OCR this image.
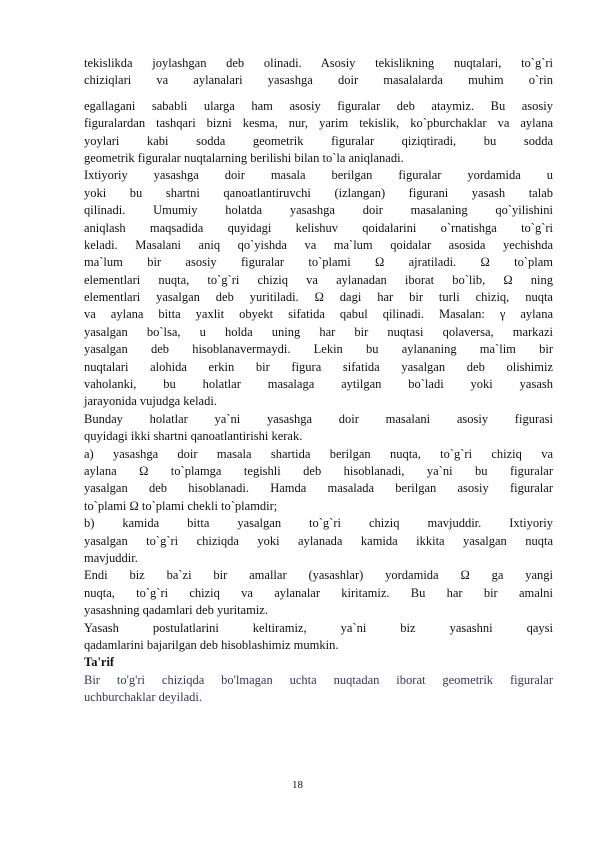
tekislikda joylashgan deb olinadi. Asosiy tekislikning nuqtalari, to`g`ri
chiziqlari va aylanalari yasashga doir masalalarda muhim o`rin
egallagani sababli ularga ham asosiy figuralar deb ataymiz. Bu asosiy
figuralardan tashqari bizni kesma, nur, yarim tekislik, ko`pburchaklar va aylana
yoylari kabi sodda geometrik figuralar qiziqtiradi, bu sodda
geometrik figuralar nuqtalarning berilishi bilan to`la aniqlanadi.
Ixtiyoriy yasashga doir masala berilgan figuralar yordamida u
yoki bu shartni qanoatlantiruvchi (izlangan) figurani yasash talab
qilinadi. Umumiy holatda yasashga doir masalaning qo`yilishini
aniqlash maqsadida quyidagi kelishuv qoidalarini o`rnatishga to`g`ri
keladi. Masalani aniq qo`yishda va ma`lum qoidalar asosida yechishda
ma`lum bir asosiy figuralar to`plami Ω ajratiladi. Ω to`plam
elementlari nuqta, to`g`ri chiziq va aylanadan iborat bo`lib, Ω ning
elementlari yasalgan deb yuritiladi. Ω dagi har bir turli chiziq, nuqta
va aylana bitta yaxlit obyekt sifatida qabul qilinadi. Masalan: γ aylana
yasalgan bo`lsa, u holda uning har bir nuqtasi qolaversa, markazi
yasalgan deb hisoblanavermaydi. Lekin bu aylananing ma`lim bir
nuqtalari alohida erkin bir figura sifatida yasalgan deb olishimiz
vaholanki, bu holatlar masalaga aytilgan bo`ladi yoki yasash
jarayonida vujudga keladi.
Bunday holatlar ya`ni yasashga doir masalani asosiy figurasi
quyidagi ikki shartni qanoatlantirishi kerak.
a) yasashga doir masala shartida berilgan nuqta, to`g`ri chiziq va
aylana Ω to`plamga tegishli deb hisoblanadi, ya`ni bu figuralar
yasalgan deb hisoblanadi. Hamda masalada berilgan asosiy figuralar
to`plami Ω to`plami chekli to`plamdir;
b) kamida bitta yasalgan to`g`ri chiziq mavjuddir. Ixtiyoriy
yasalgan to`g`ri chiziqda yoki aylanada kamida ikkita yasalgan nuqta
mavjuddir.
Endi biz ba`zi bir amallar (yasashlar) yordamida Ω ga yangi
nuqta, to`g`ri chiziq va aylanalar kiritamiz. Bu har bir amalni
yasashning qadamlari deb yuritamiz.
Yasash postulatlarini keltiramiz, ya`ni biz yasashni qaysi
qadamlarini bajarilgan deb hisoblashimiz mumkin.
Ta'rif
Bir to'g'ri chiziqda bo'lmagan uchta nuqtadan iborat geometrik figuralar
uchburchaklar deyiladi.
18
